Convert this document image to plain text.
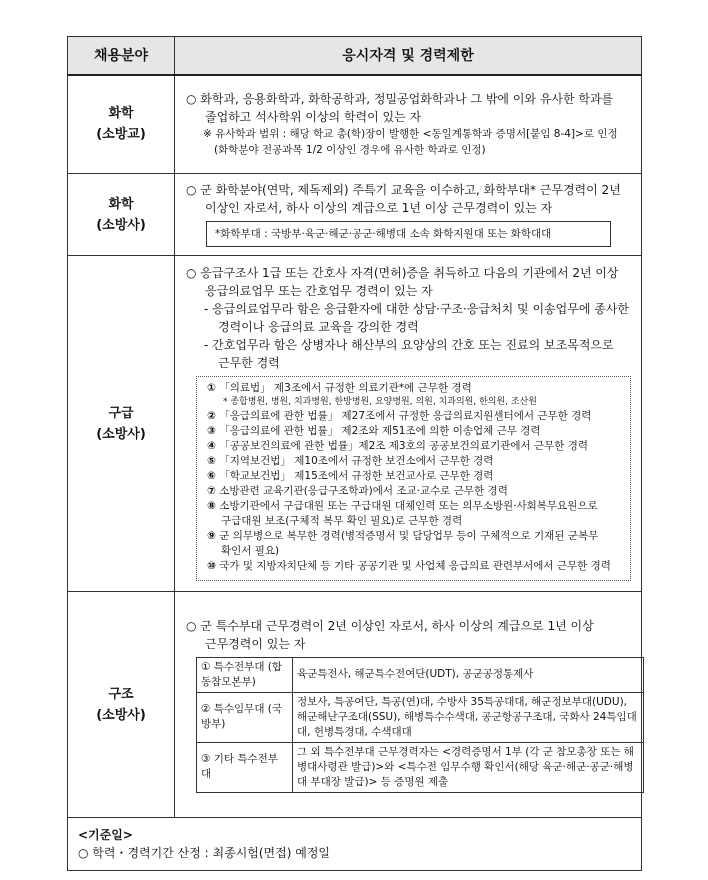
채용분야	응시자격 및 경력제한

화학
(소방교)

○ 화학과, 응용화학과, 화학공학과, 정밀공업화학과나 그 밖에 이와 유사한 학과를 졸업하고 석사학위 이상의 학력이 있는 자
※ 유사학과 범위 : 해당 학교 총(학)장이 발행한 <동일계통학과 증명서[붙임 8-4]>로 인정(화학분야 전공과목 1/2 이상인 경우에 유사한 학과로 인정)

화학
(소방사)

○ 군 화학분야(연막, 제독제외) 주특기 교육을 이수하고, 화학부대* 근무경력이 2년 이상인 자로서, 하사 이상의 계급으로 1년 이상 근무경력이 있는 자
*화학부대 : 국방부·육군·해군·공군·해병대 소속 화학지원대 또는 화학대대

구급
(소방사)

○ 응급구조사 1급 또는 간호사 자격(면허)증을 취득하고 다음의 기관에서 2년 이상 응급의료업무 또는 간호업무 경력이 있는 자
- 응급의료업무라 함은 응급환자에 대한 상담·구조·응급처치 및 이송업무에 종사한 경력이나 응급의료 교육을 강의한 경력
- 간호업무라 함은 상병자나 해산부의 요양상의 간호 또는 진료의 보조목적으로 근무한 경력
① 「의료법」 제3조에서 규정한 의료기관*에 근무한 경력
* 종합병원, 병원, 치과병원, 한방병원, 요양병원, 의원, 치과의원, 한의원, 조산원
② 「응급의료에 관한 법률」 제27조에서 규정한 응급의료지원센터에서 근무한 경력
③ 「응급의료에 관한 법률」 제2조와 제51조에 의한 이송업체 근무 경력
④ 「공공보건의료에 관한 법률」제2조 제3호의 공공보건의료기관에서 근무한 경력
⑤ 「지역보건법」 제10조에서 규정한 보건소에서 근무한 경력
⑥ 「학교보건법」 제15조에서 규정한 보건교사로 근무한 경력
⑦ 소방관련 교육기관(응급구조학과)에서 조교·교수로 근무한 경력
⑧ 소방기관에서 구급대원 또는 구급대원 대체인력 또는 의무소방원·사회복무요원으로 구급대원 보조(구체적 복무 확인 필요)로 근무한 경력
⑨ 군 의무병으로 복무한 경력(병적증명서 및 담당업무 등이 구체적으로 기재된 군복무 확인서 필요)
⑩ 국가 및 지방자치단체 등 기타 공공기관 및 사업체 응급의료 관련부서에서 근무한 경력

구조
(소방사)

○ 군 특수부대 근무경력이 2년 이상인 자로서, 하사 이상의 계급으로 1년 이상 근무경력이 있는 자
① 특수전부대 (합동참모본부)	육군특전사, 해군특수전여단(UDT), 공군공정통제사
② 특수임무대 (국방부)	정보사, 특공여단, 특공(연)대, 수방사 35특공대대, 해군정보부대(UDU), 해군해난구조대(SSU), 해병특수수색대, 공군항공구조대, 국화사 24특임대대, 헌병특경대, 수색대대
③ 기타 특수전부대	그 외 특수전부대 근무경력자는 <경력증명서 1부 (각 군 참모총장 또는 해병대사령관 발급)>와 <특수전 임무수행 확인서(해당 육군·해군·공군·해병대 부대장 발급)> 등 증명원 제출
<기준일>
○ 학력・경력기간 산정 : 최종시험(면접) 예정일
